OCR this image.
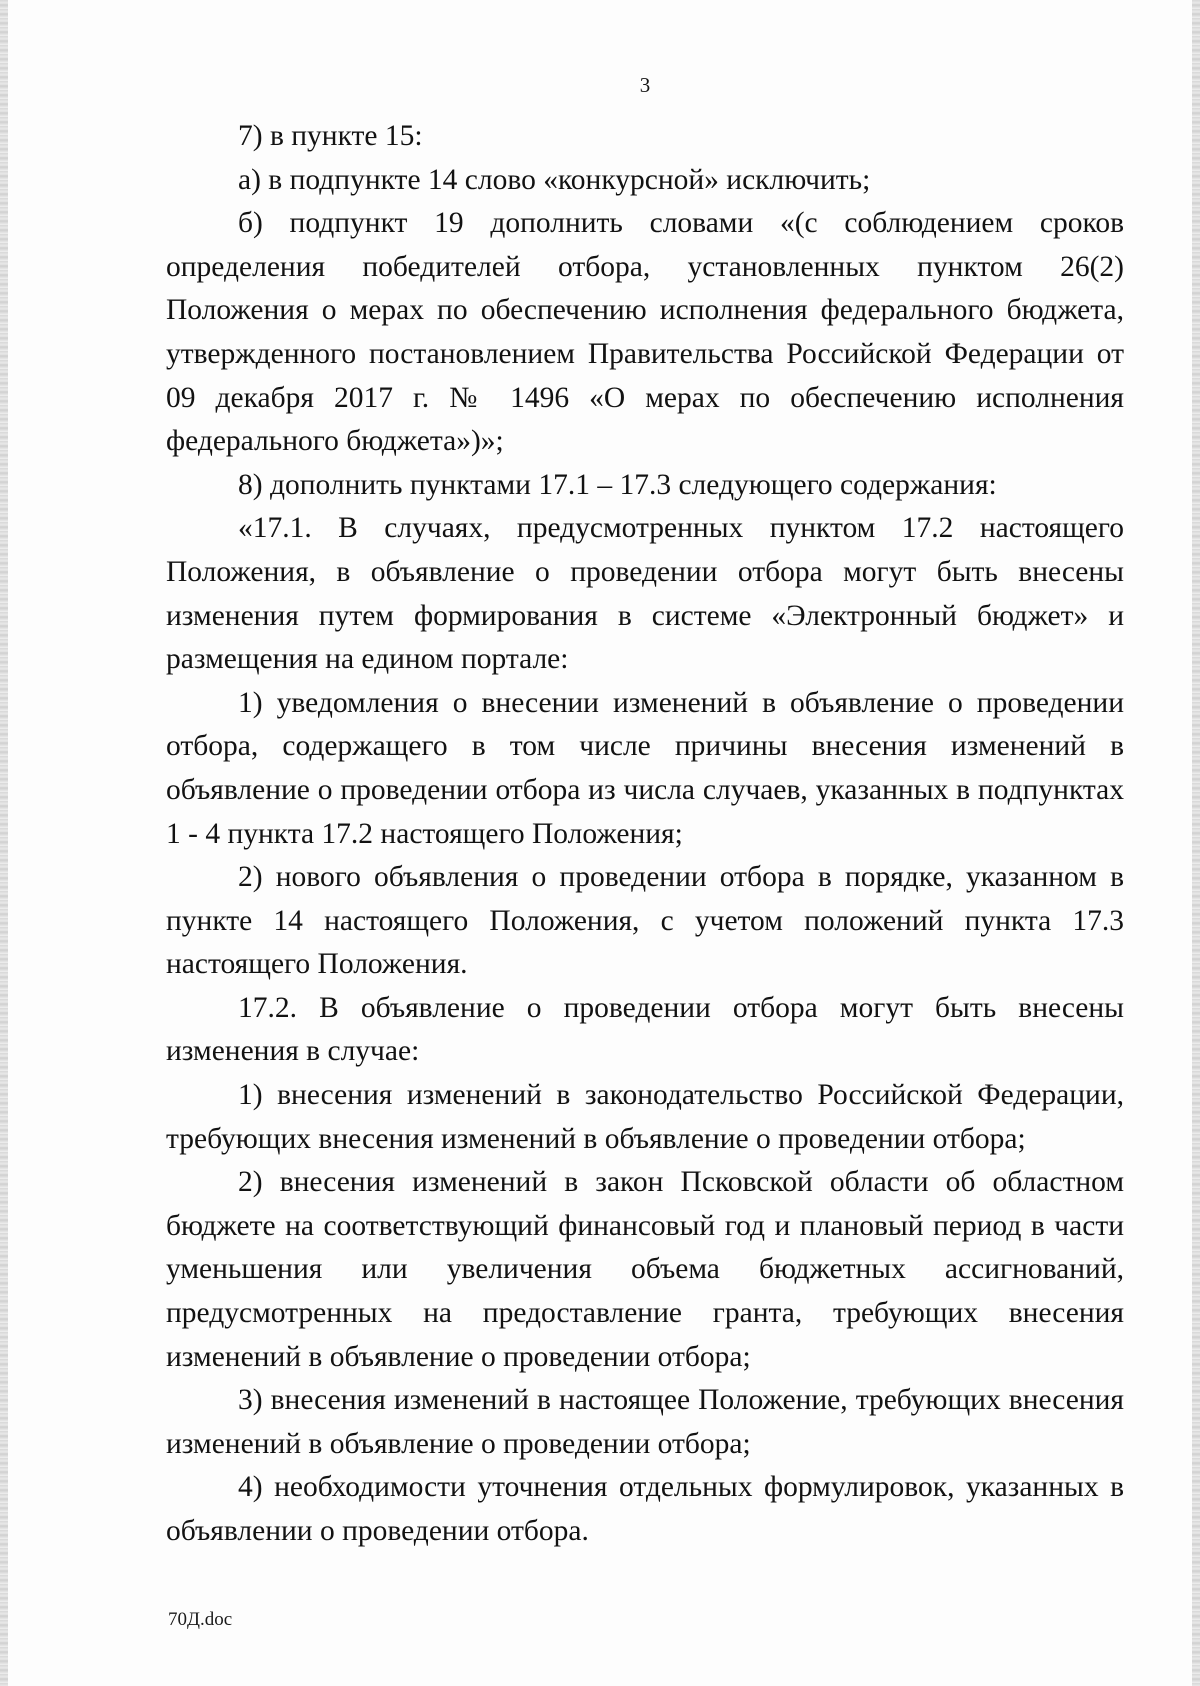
3

7) в пункте 15:

а) в подпункте 14 слово «конкурсной» исключить;

б) подпункт 19 дополнить словами «(с соблюдением сроков определения победителей отбора, установленных пунктом 26(2) Положения о мерах по обеспечению исполнения федерального бюджета, утвержденного постановлением Правительства Российской Федерации от 09 декабря 2017 г. № 1496 «О мерах по обеспечению исполнения федерального бюджета»)»;

8) дополнить пунктами 17.1 – 17.3 следующего содержания:

«17.1. В случаях, предусмотренных пунктом 17.2 настоящего Положения, в объявление о проведении отбора могут быть внесены изменения путем формирования в системе «Электронный бюджет» и размещения на едином портале:

1) уведомления о внесении изменений в объявление о проведении отбора, содержащего в том числе причины внесения изменений в объявление о проведении отбора из числа случаев, указанных в подпунктах 1 - 4 пункта 17.2 настоящего Положения;

2) нового объявления о проведении отбора в порядке, указанном в пункте 14 настоящего Положения, с учетом положений пункта 17.3 настоящего Положения.

17.2. В объявление о проведении отбора могут быть внесены изменения в случае:

1) внесения изменений в законодательство Российской Федерации, требующих внесения изменений в объявление о проведении отбора;

2) внесения изменений в закон Псковской области об областном бюджете на соответствующий финансовый год и плановый период в части уменьшения или увеличения объема бюджетных ассигнований, предусмотренных на предоставление гранта, требующих внесения изменений в объявление о проведении отбора;

3) внесения изменений в настоящее Положение, требующих внесения изменений в объявление о проведении отбора;

4) необходимости уточнения отдельных формулировок, указанных в объявлении о проведении отбора.

70Д.doc
